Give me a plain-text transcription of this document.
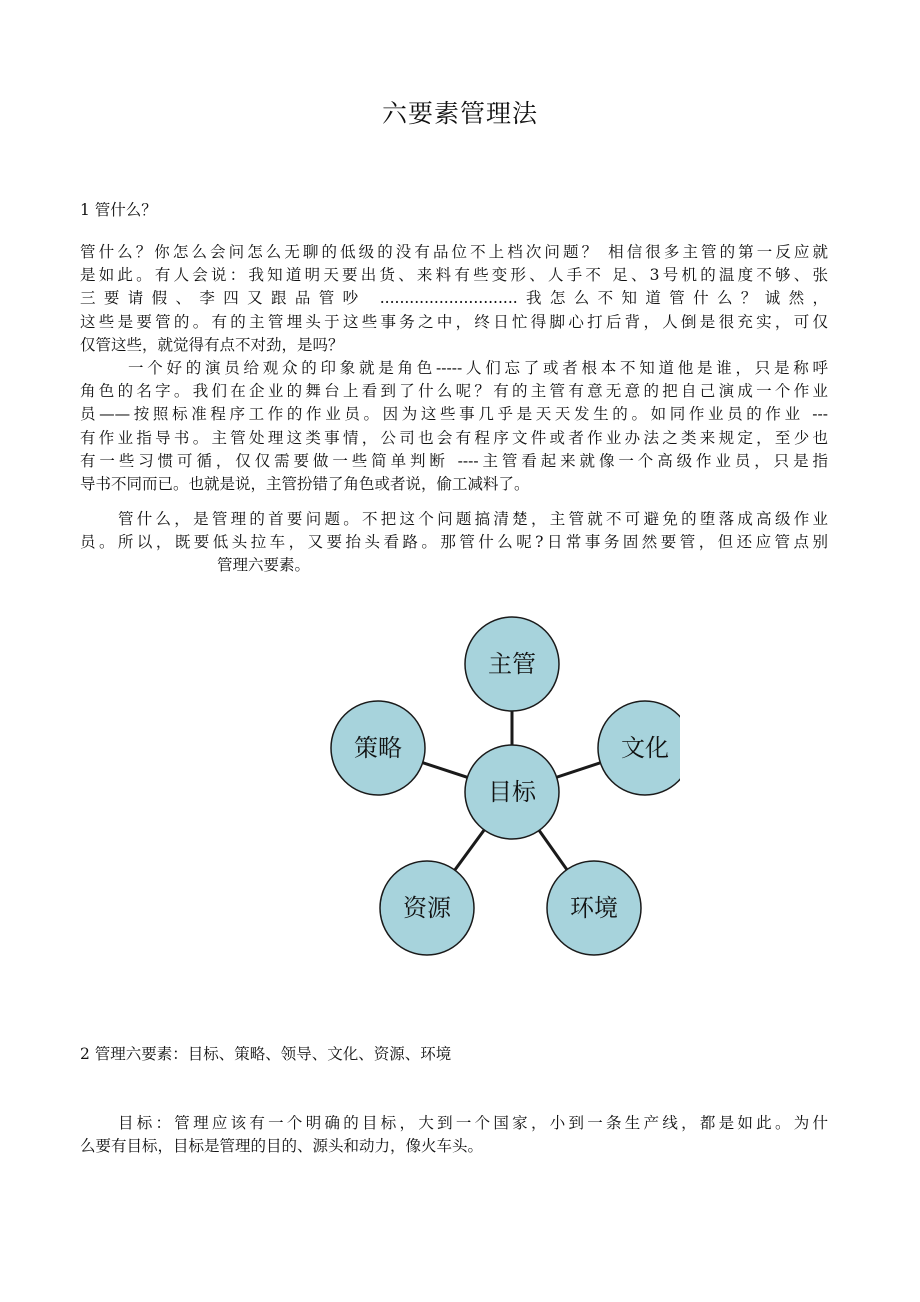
六要素管理法
1 管什么？
管什么？你怎么会问怎么无聊的低级的没有品位不上档次问题？ 相信很多主管的第一反应就
是如此。有人会说：我知道明天要出货、来料有些变形、人手不 足、3号机的温度不够、张
三要请假、李四又跟品管吵 ............................我怎么不知道管什么？诚然，
这些是要管的。有的主管埋头于这些事务之中，终日忙得脚心打后背，人倒是很充实，可仅
仅管这些，就觉得有点不对劲，是吗？
一个好的演员给观众的印象就是角色-----人们忘了或者根本不知道他是谁，只是称呼
角色的名字。我们在企业的舞台上看到了什么呢？有的主管有意无意的把自己演成一个作业
员——按照标准程序工作的作业员。因为这些事几乎是天天发生的。如同作业员的作业 ---
有作业指导书。主管处理这类事情，公司也会有程序文件或者作业办法之类来规定，至少也
有一些习惯可循，仅仅需要做一些简单判断 ----主管看起来就像一个高级作业员，只是指
导书不同而已。也就是说，主管扮错了角色或者说，偷工减料了。
管什么，是管理的首要问题。不把这个问题搞清楚，主管就不可避免的堕落成高级作业
员。所以，既要低头拉车，又要抬头看路。那管什么呢?日常事务固然要管，但还应管点别
管理六要素。
主管
文化
环境
资源
策略
目标
2 管理六要素：目标、策略、领导、文化、资源、环境
目标：管理应该有一个明确的目标，大到一个国家，小到一条生产线，都是如此。为什
么要有目标，目标是管理的目的、源头和动力，像火车头。
